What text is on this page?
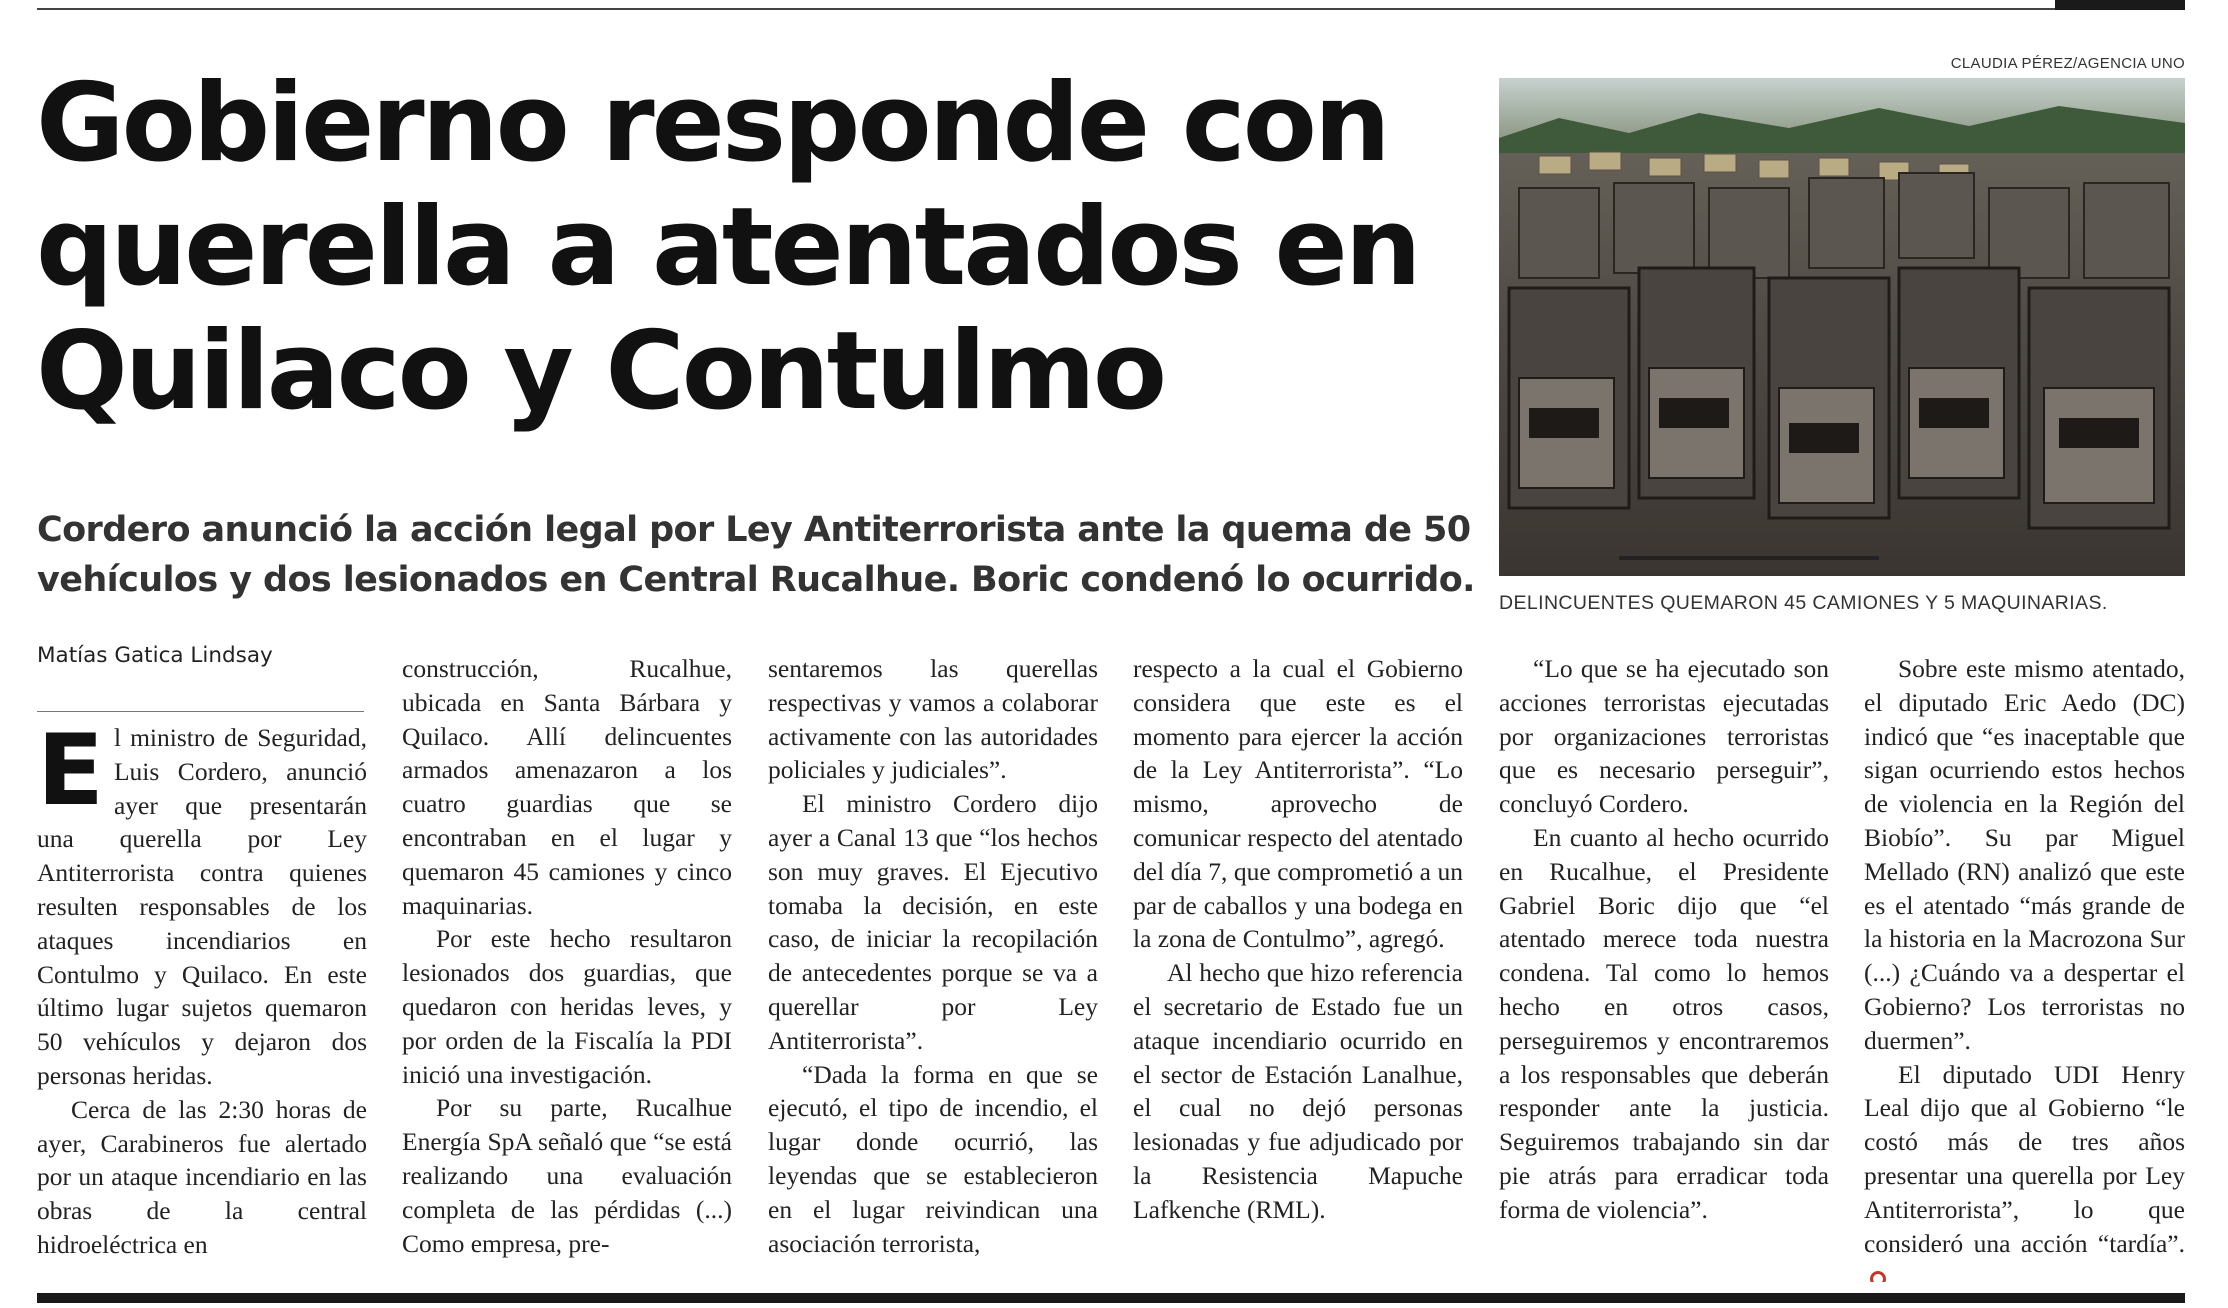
Gobierno responde con querella a atentados en Quilaco y Contulmo

Cordero anunció la acción legal por Ley Antiterrorista ante la quema de 50 vehículos y dos lesionados en Central Rucalhue. Boric condenó lo ocurrido.

CLAUDIA PÉREZ/AGENCIA UNO
DELINCUENTES QUEMARON 45 CAMIONES Y 5 MAQUINARIAS.
Matías Gatica Lindsay
E l ministro de Seguridad, Luis Cordero, anunció ayer que presentarán una querella por Ley Antiterrorista contra quienes resulten responsables de los ataques incendiarios en Contulmo y Quilaco. En este último lugar sujetos quemaron 50 vehículos y dejaron dos personas heridas.

Cerca de las 2:30 horas de ayer, Carabineros fue alertado por un ataque incendiario en las obras de la central hidroeléctrica en

construcción, Rucalhue, ubicada en Santa Bárbara y Quilaco. Allí delincuentes armados amenazaron a los cuatro guardias que se encontraban en el lugar y quemaron 45 camiones y cinco maquinarias.

Por este hecho resultaron lesionados dos guardias, que quedaron con heridas leves, y por orden de la Fiscalía la PDI inició una investigación.

Por su parte, Rucalhue Energía SpA señaló que “se está realizando una evaluación completa de las pérdidas (...) Como empresa, pre-

sentaremos las querellas respectivas y vamos a colaborar activamente con las autoridades policiales y judiciales”.

El ministro Cordero dijo ayer a Canal 13 que “los hechos son muy graves. El Ejecutivo tomaba la decisión, en este caso, de iniciar la recopilación de antecedentes porque se va a querellar por Ley Antiterrorista”.

“Dada la forma en que se ejecutó, el tipo de incendio, el lugar donde ocurrió, las leyendas que se establecieron en el lugar reivindican una asociación terrorista,

respecto a la cual el Gobierno considera que este es el momento para ejercer la acción de la Ley Antiterrorista”. “Lo mismo, aprovecho de comunicar respecto del atentado del día 7, que comprometió a un par de caballos y una bodega en la zona de Contulmo”, agregó.

Al hecho que hizo referencia el secretario de Estado fue un ataque incendiario ocurrido en el sector de Estación Lanalhue, el cual no dejó personas lesionadas y fue adjudicado por la Resistencia Mapuche Lafkenche (RML).

“Lo que se ha ejecutado son acciones terroristas ejecutadas por organizaciones terroristas que es necesario perseguir”, concluyó Cordero.

En cuanto al hecho ocurrido en Rucalhue, el Presidente Gabriel Boric dijo que “el atentado merece toda nuestra condena. Tal como lo hemos hecho en otros casos, perseguiremos y encontraremos a los responsables que deberán responder ante la justicia. Seguiremos trabajando sin dar pie atrás para erradicar toda forma de violencia”.

Sobre este mismo atentado, el diputado Eric Aedo (DC) indicó que “es inaceptable que sigan ocurriendo estos hechos de violencia en la Región del Biobío”. Su par Miguel Mellado (RN) analizó que este es el atentado “más grande de la historia en la Macrozona Sur (...) ¿Cuándo va a despertar el Gobierno? Los terroristas no duermen”.

El diputado UDI Henry Leal dijo que al Gobierno “le costó más de tres años presentar una querella por Ley Antiterrorista”, lo que consideró una acción “tardía”.
